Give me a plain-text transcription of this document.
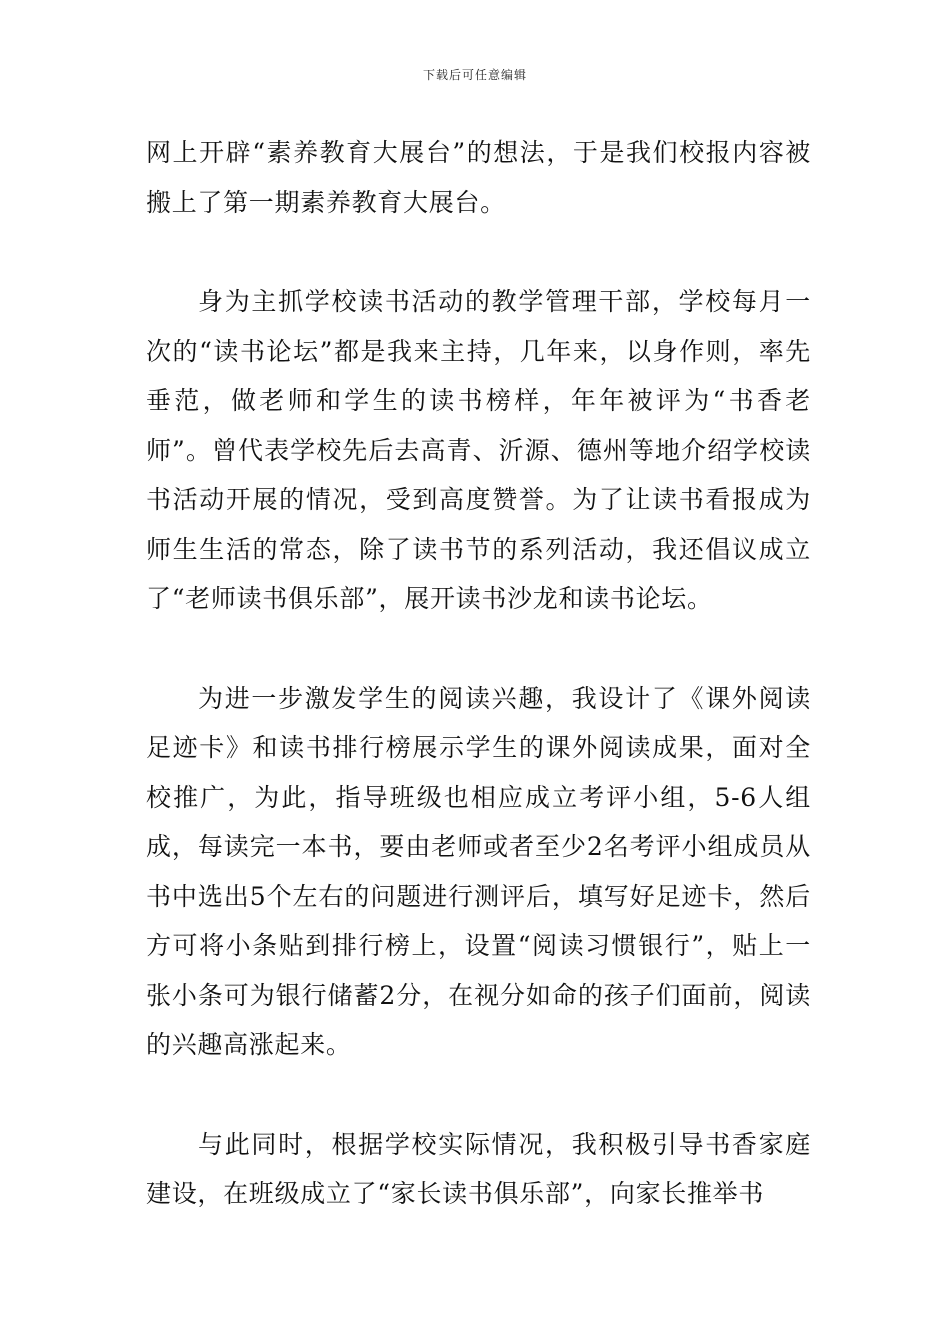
下载后可任意编辑

网上开辟“素养教育大展台”的想法，于是我们校报内容被搬上了第一期素养教育大展台。

身为主抓学校读书活动的教学管理干部，学校每月一次的“读书论坛”都是我来主持，几年来，以身作则，率先垂范，做老师和学生的读书榜样，年年被评为“书香老师”。曾代表学校先后去高青、沂源、德州等地介绍学校读书活动开展的情况，受到高度赞誉。为了让读书看报成为师生生活的常态，除了读书节的系列活动，我还倡议成立了“老师读书俱乐部”，展开读书沙龙和读书论坛。

为进一步激发学生的阅读兴趣，我设计了《课外阅读足迹卡》和读书排行榜展示学生的课外阅读成果，面对全校推广，为此，指导班级也相应成立考评小组，5-6人组成，每读完一本书，要由老师或者至少2名考评小组成员从书中选出5个左右的问题进行测评后，填写好足迹卡，然后方可将小条贴到排行榜上，设置“阅读习惯银行”，贴上一张小条可为银行储蓄2分，在视分如命的孩子们面前，阅读的兴趣高涨起来。

与此同时，根据学校实际情况，我积极引导书香家庭建设，在班级成立了“家长读书俱乐部”，向家长推举书
